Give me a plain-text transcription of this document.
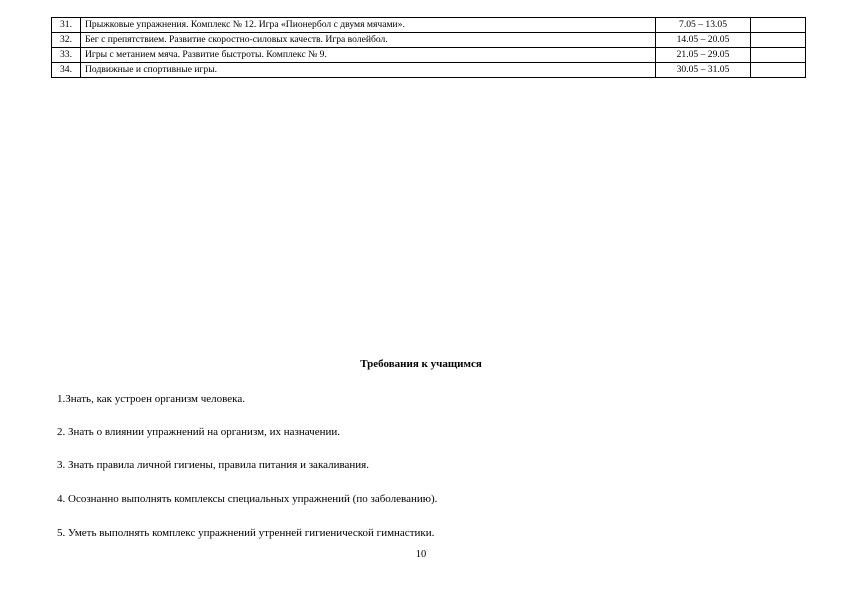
31.	Прыжковые упражнения. Комплекс № 12. Игра «Пионербол с двумя мячами».	7.05 – 13.05	
32.	Бег с препятствием. Развитие скоростно-силовых качеств. Игра волейбол.	14.05 – 20.05	
33.	Игры с метанием мяча. Развитие быстроты. Комплекс № 9.	21.05 – 29.05	
34.	Подвижные и спортивные игры.	30.05 – 31.05	
Требования к учащимся
1.Знать, как устроен организм человека.
2. Знать о влиянии упражнений на организм, их назначении.
3. Знать правила личной гигиены, правила питания и закаливания.
4. Осознанно выполнять комплексы специальных упражнений (по заболеванию).
5. Уметь выполнять комплекс упражнений утренней гигиенической гимнастики.
10
